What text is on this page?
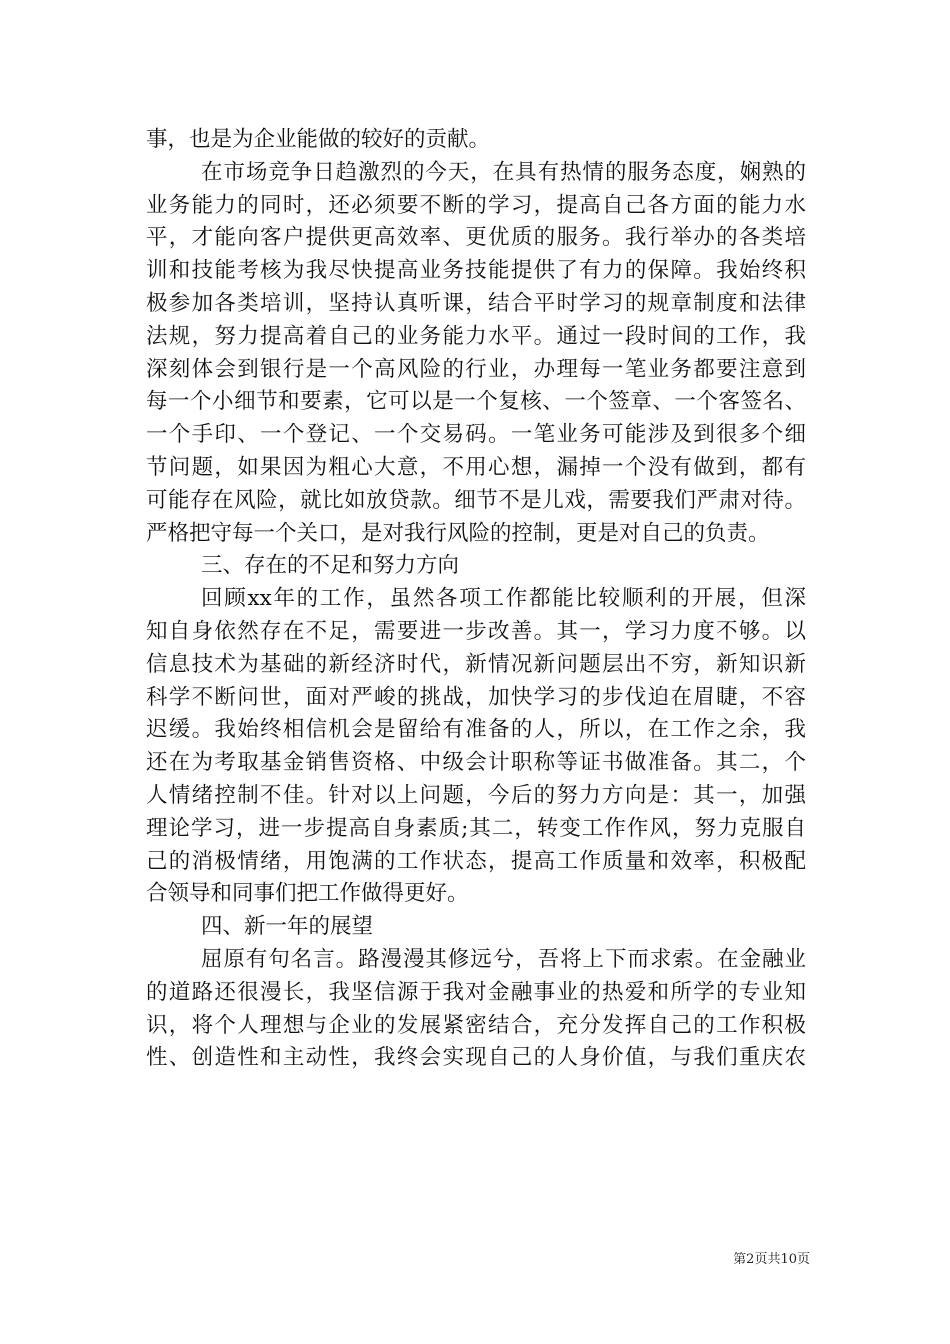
事，也是为企业能做的较好的贡献。
在市场竞争日趋激烈的今天，在具有热情的服务态度，娴熟的
业务能力的同时，还必须要不断的学习，提高自己各方面的能力水
平，才能向客户提供更高效率、更优质的服务。我行举办的各类培
训和技能考核为我尽快提高业务技能提供了有力的保障。我始终积
极参加各类培训，坚持认真听课，结合平时学习的规章制度和法律
法规，努力提高着自己的业务能力水平。通过一段时间的工作，我
深刻体会到银行是一个高风险的行业，办理每一笔业务都要注意到
每一个小细节和要素，它可以是一个复核、一个签章、一个客签名、
一个手印、一个登记、一个交易码。一笔业务可能涉及到很多个细
节问题，如果因为粗心大意，不用心想，漏掉一个没有做到，都有
可能存在风险，就比如放贷款。细节不是儿戏，需要我们严肃对待。
严格把守每一个关口，是对我行风险的控制，更是对自己的负责。
三、存在的不足和努力方向
回顾xx年的工作，虽然各项工作都能比较顺利的开展，但深
知自身依然存在不足，需要进一步改善。其一，学习力度不够。以
信息技术为基础的新经济时代，新情况新问题层出不穷，新知识新
科学不断问世，面对严峻的挑战，加快学习的步伐迫在眉睫，不容
迟缓。我始终相信机会是留给有准备的人，所以，在工作之余，我
还在为考取基金销售资格、中级会计职称等证书做准备。其二，个
人情绪控制不佳。针对以上问题，今后的努力方向是：其一，加强
理论学习，进一步提高自身素质;其二，转变工作作风，努力克服自
己的消极情绪，用饱满的工作状态，提高工作质量和效率，积极配
合领导和同事们把工作做得更好。
四、新一年的展望
屈原有句名言。路漫漫其修远兮，吾将上下而求索。在金融业
的道路还很漫长，我坚信源于我对金融事业的热爱和所学的专业知
识，将个人理想与企业的发展紧密结合，充分发挥自己的工作积极
性、创造性和主动性，我终会实现自己的人身价值，与我们重庆农
第2页共10页
